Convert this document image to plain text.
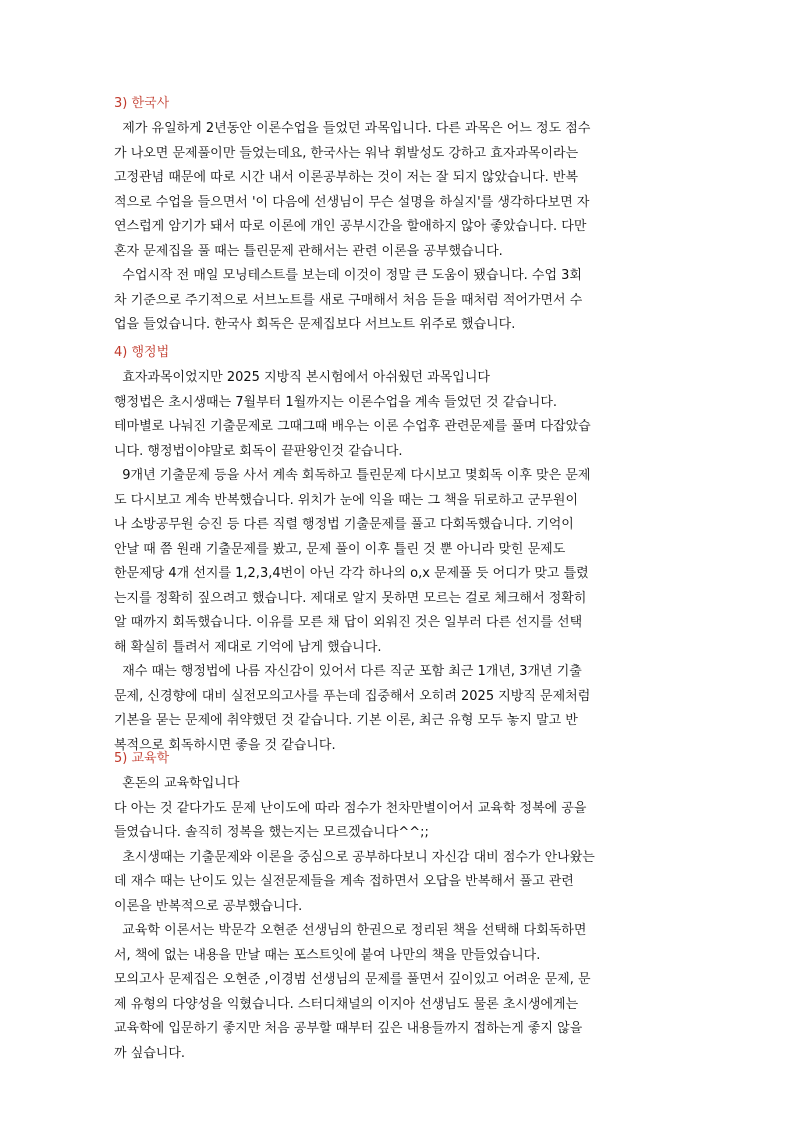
3) 한국사
제가 유일하게 2년동안 이론수업을 들었던 과목입니다. 다른 과목은 어느 정도 점수
가 나오면 문제풀이만 들었는데요, 한국사는 워낙 휘발성도 강하고 효자과목이라는
고정관념 때문에 따로 시간 내서 이론공부하는 것이 저는 잘 되지 않았습니다. 반복
적으로 수업을 들으면서 '이 다음에 선생님이 무슨 설명을 하실지'를 생각하다보면 자
연스럽게 암기가 돼서 따로 이론에 개인 공부시간을 할애하지 않아 좋았습니다. 다만
혼자 문제집을 풀 때는 틀린문제 관해서는 관련 이론을 공부했습니다.
수업시작 전 매일 모닝테스트를 보는데 이것이 정말 큰 도움이 됐습니다. 수업 3회
차 기준으로 주기적으로 서브노트를 새로 구매해서 처음 듣을 때처럼 적어가면서 수
업을 들었습니다. 한국사 회독은 문제집보다 서브노트 위주로 했습니다.
4) 행정법
효자과목이었지만 2025 지방직 본시험에서 아쉬웠던 과목입니다
행정법은 초시생때는 7월부터 1월까지는 이론수업을 계속 들었던 것 같습니다.
테마별로 나눠진 기출문제로 그때그때 배우는 이론 수업후 관련문제를 풀며 다잡았습
니다. 행정법이야말로 회독이 끝판왕인것 같습니다.
9개년 기출문제 등을 사서 계속 회독하고 틀린문제 다시보고 몇회독 이후 맞은 문제
도 다시보고 계속 반복했습니다. 위치가 눈에 익을 때는 그 책을 뒤로하고 군무원이
나 소방공무원 승진 등 다른 직렬 행정법 기출문제를 풀고 다회독했습니다. 기억이
안날 때 쯤 원래 기출문제를 봤고, 문제 풀이 이후 틀린 것 뿐 아니라 맞힌 문제도
한문제당 4개 선지를 1,2,3,4번이 아닌 각각 하나의 o,x 문제풀 듯 어디가 맞고 틀렸
는지를 정확히 짚으려고 했습니다. 제대로 알지 못하면 모르는 걸로 체크해서 정확히
알 때까지 회독했습니다. 이유를 모른 채 답이 외워진 것은 일부러 다른 선지를 선택
해 확실히 틀려서 제대로 기억에 남게 했습니다.
재수 때는 행정법에 나름 자신감이 있어서 다른 직군 포함 최근 1개년, 3개년 기출
문제, 신경향에 대비 실전모의고사를 푸는데 집중해서 오히려 2025 지방직 문제처럼
기본을 묻는 문제에 취약했던 것 같습니다. 기본 이론, 최근 유형 모두 놓지 말고 반
복적으로 회독하시면 좋을 것 같습니다.
5) 교육학
혼돈의 교육학입니다
다 아는 것 같다가도 문제 난이도에 따라 점수가 천차만별이어서 교육학 정복에 공을
들였습니다. 솔직히 정복을 했는지는 모르겠습니다^^;;
초시생때는 기출문제와 이론을 중심으로 공부하다보니 자신감 대비 점수가 안나왔는
데 재수 때는 난이도 있는 실전문제들을 계속 접하면서 오답을 반복해서 풀고 관련
이론을 반복적으로 공부했습니다.
교육학 이론서는 박문각 오현준 선생님의 한권으로 정리된 책을 선택해 다회독하면
서, 책에 없는 내용을 만날 때는 포스트잇에 붙여 나만의 책을 만들었습니다.
모의고사 문제집은 오현준 ,이경범 선생님의 문제를 풀면서 깊이있고 어려운 문제, 문
제 유형의 다양성을 익혔습니다. 스터디채널의 이지아 선생님도 물론 초시생에게는
교육학에 입문하기 좋지만 처음 공부할 때부터 깊은 내용들까지 접하는게 좋지 않을
까 싶습니다.
